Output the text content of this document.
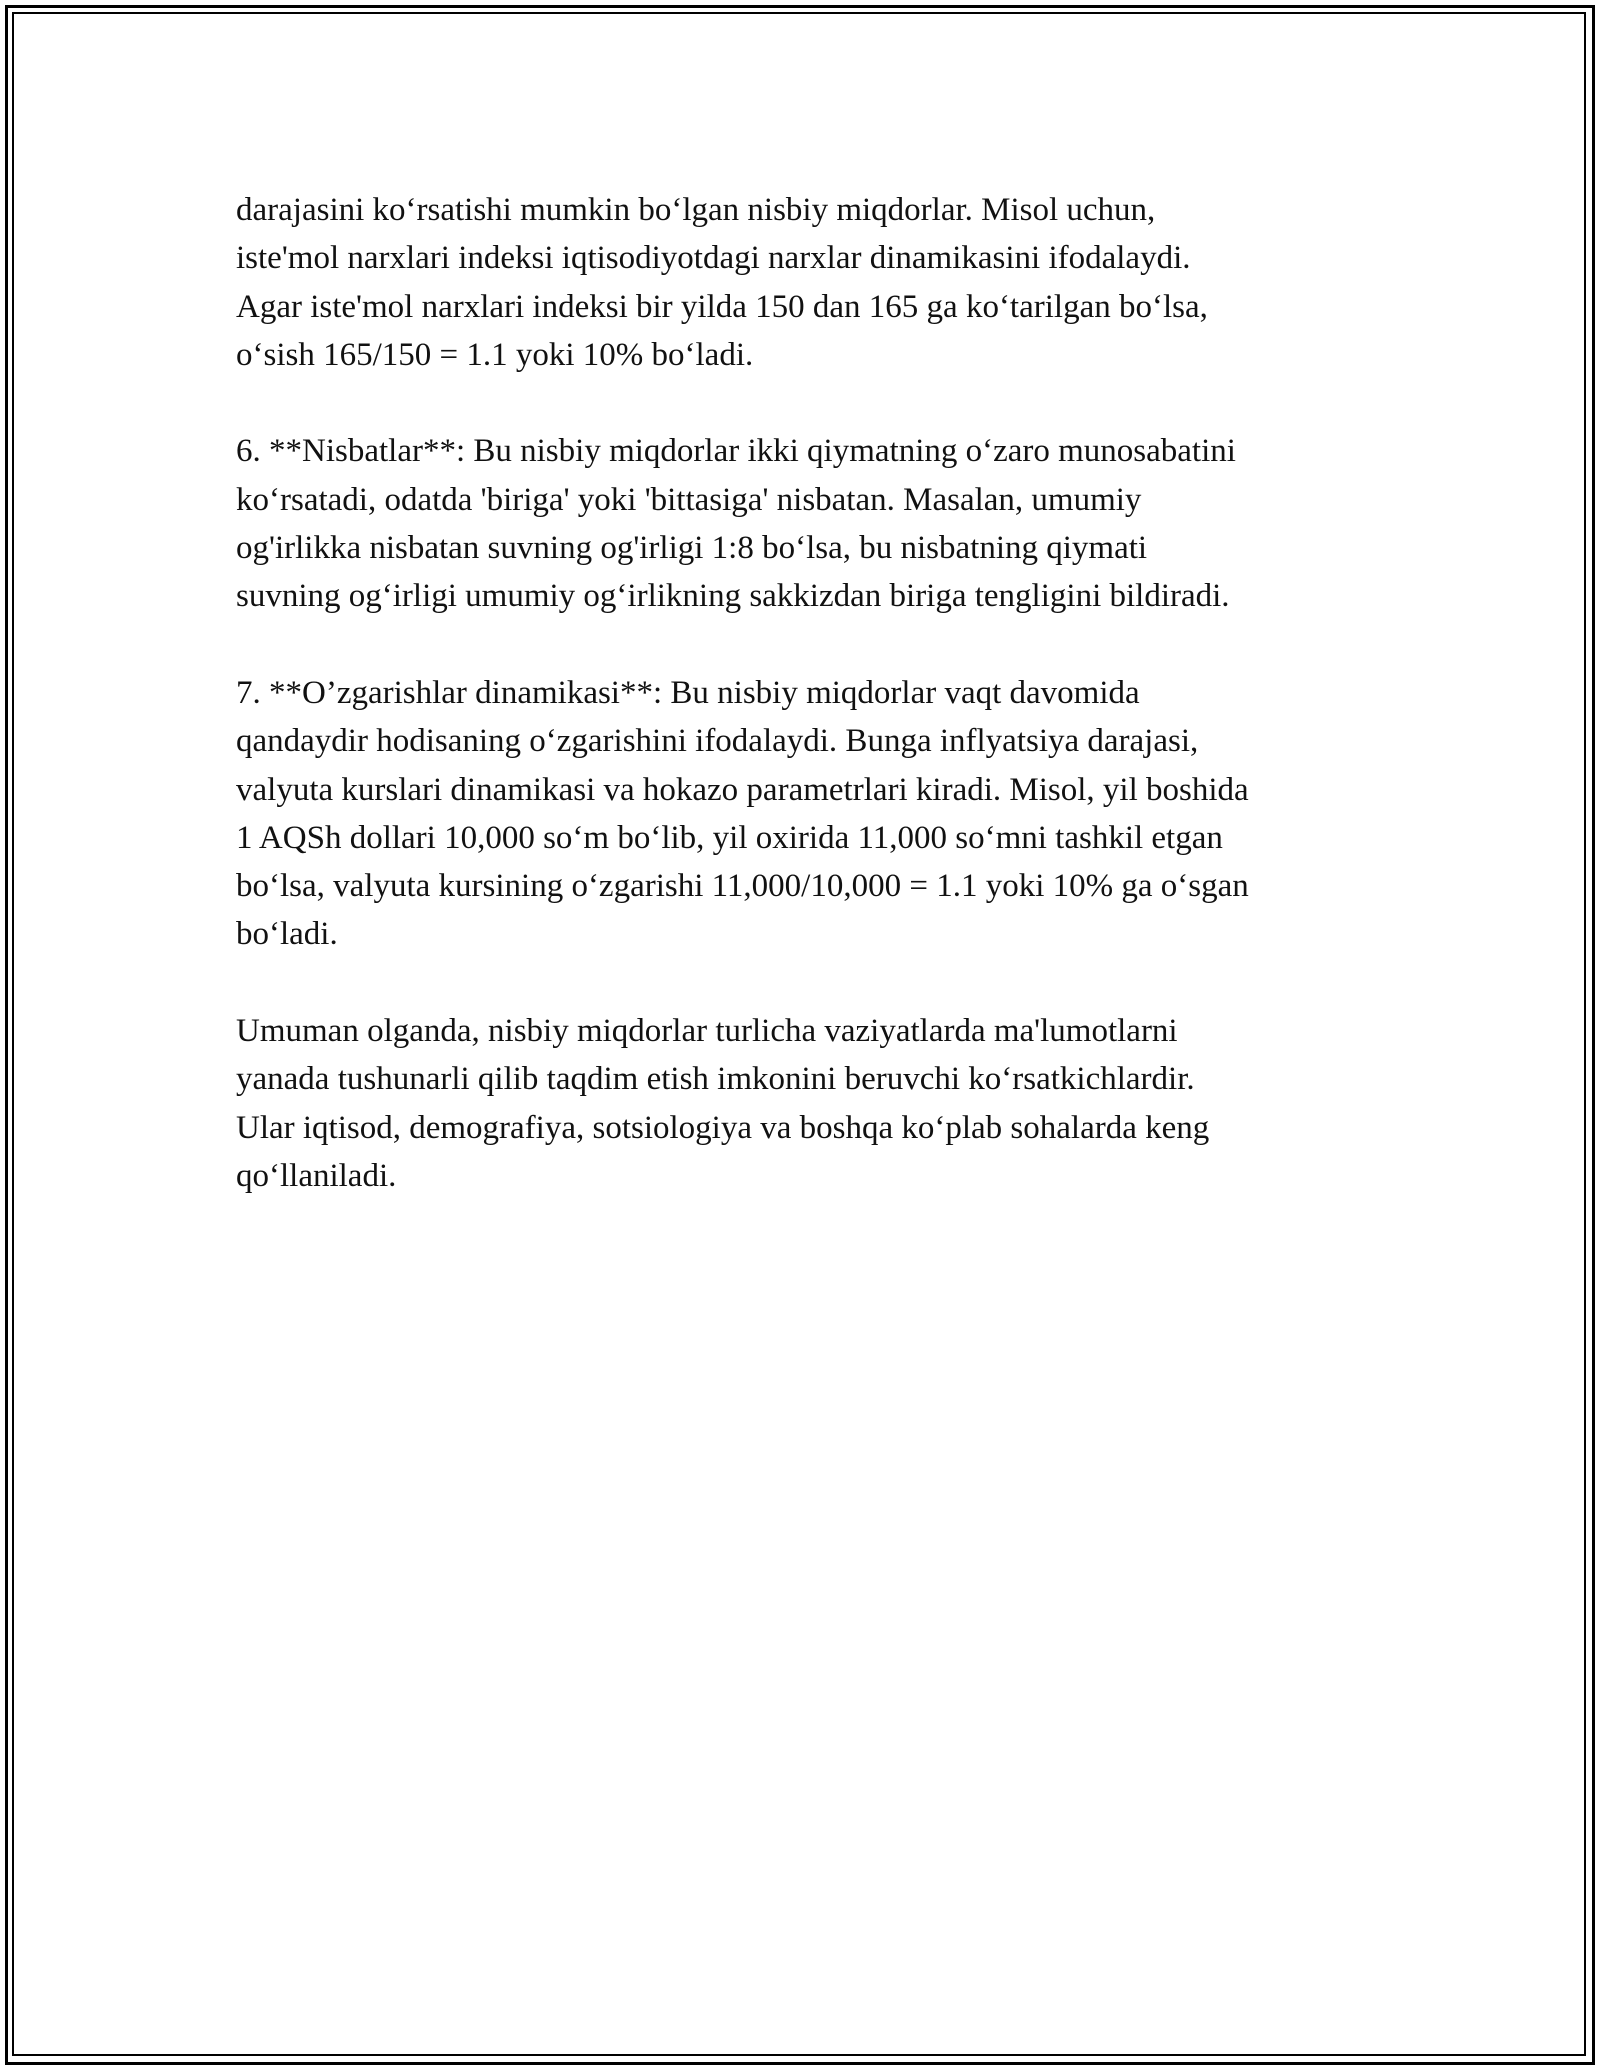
darajasini ko‘rsatishi mumkin bo‘lgan nisbiy miqdorlar. Misol uchun,
iste'mol narxlari indeksi iqtisodiyotdagi narxlar dinamikasini ifodalaydi.
Agar iste'mol narxlari indeksi bir yilda 150 dan 165 ga ko‘tarilgan bo‘lsa,
o‘sish 165/150 = 1.1 yoki 10% bo‘ladi.

6. **Nisbatlar**: Bu nisbiy miqdorlar ikki qiymatning o‘zaro munosabatini
ko‘rsatadi, odatda 'biriga' yoki 'bittasiga' nisbatan. Masalan, umumiy
og'irlikka nisbatan suvning og'irligi 1:8 bo‘lsa, bu nisbatning qiymati
suvning og‘irligi umumiy og‘irlikning sakkizdan biriga tengligini bildiradi.

7. **O’zgarishlar dinamikasi**: Bu nisbiy miqdorlar vaqt davomida
qandaydir hodisaning o‘zgarishini ifodalaydi. Bunga inflyatsiya darajasi,
valyuta kurslari dinamikasi va hokazo parametrlari kiradi. Misol, yil boshida
1 AQSh dollari 10,000 so‘m bo‘lib, yil oxirida 11,000 so‘mni tashkil etgan
bo‘lsa, valyuta kursining o‘zgarishi 11,000/10,000 = 1.1 yoki 10% ga o‘sgan
bo‘ladi.

Umuman olganda, nisbiy miqdorlar turlicha vaziyatlarda ma'lumotlarni
yanada tushunarli qilib taqdim etish imkonini beruvchi ko‘rsatkichlardir.
Ular iqtisod, demografiya, sotsiologiya va boshqa ko‘plab sohalarda keng
qo‘llaniladi.
